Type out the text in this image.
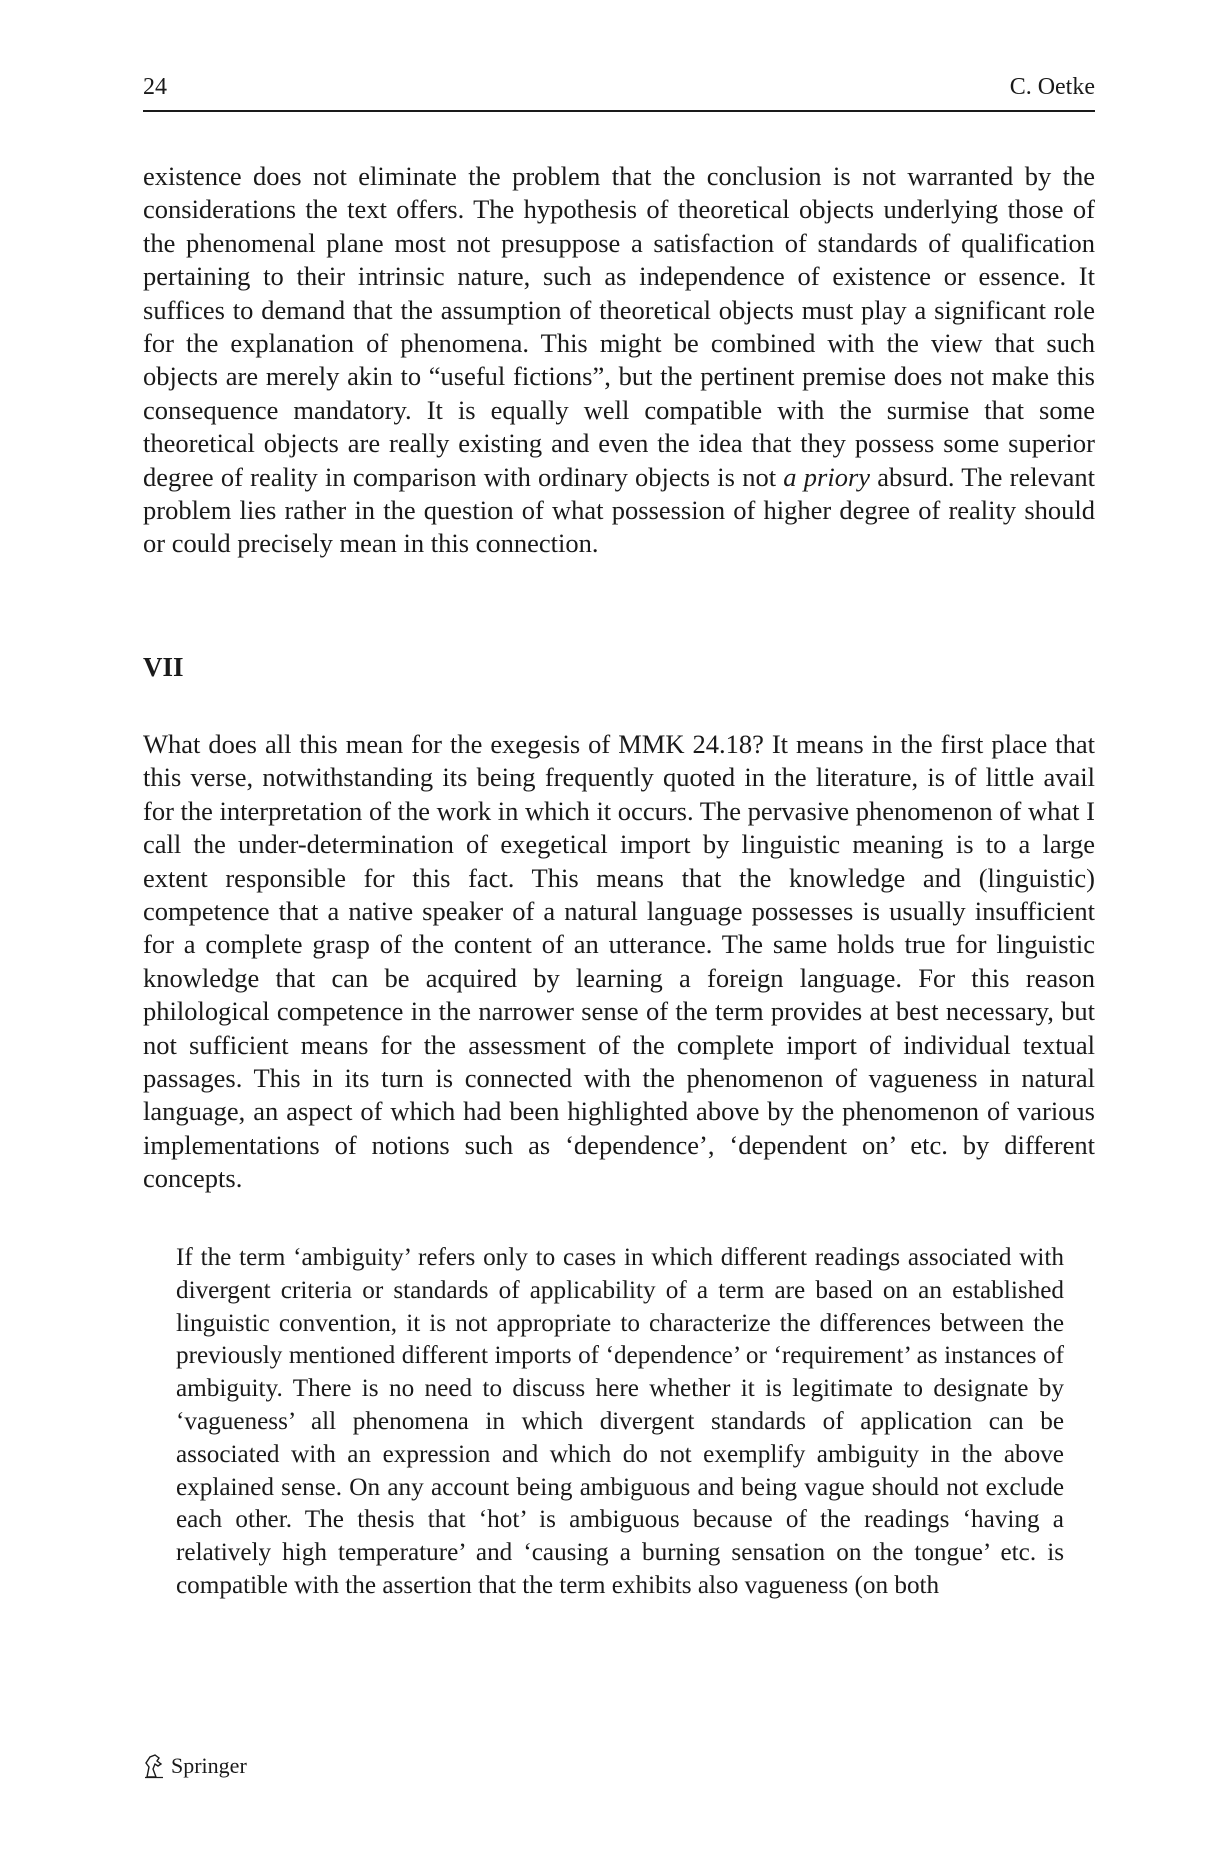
24	C. Oetke

existence does not eliminate the problem that the conclusion is not warranted by the considerations the text offers. The hypothesis of theoretical objects underlying those of the phenomenal plane most not presuppose a satisfaction of standards of qualification pertaining to their intrinsic nature, such as independence of existence or essence. It suffices to demand that the assumption of theoretical objects must play a significant role for the explanation of phenomena. This might be combined with the view that such objects are merely akin to “useful fictions”, but the pertinent premise does not make this consequence mandatory. It is equally well compatible with the surmise that some theoretical objects are really existing and even the idea that they possess some superior degree of reality in comparison with ordinary objects is not a priory absurd. The relevant problem lies rather in the question of what possession of higher degree of reality should or could precisely mean in this connection.

VII

What does all this mean for the exegesis of MMK 24.18? It means in the first place that this verse, notwithstanding its being frequently quoted in the literature, is of little avail for the interpretation of the work in which it occurs. The pervasive phenomenon of what I call the under-determination of exegetical import by linguistic meaning is to a large extent responsible for this fact. This means that the knowledge and (linguistic) competence that a native speaker of a natural language possesses is usually insufficient for a complete grasp of the content of an utterance. The same holds true for linguistic knowledge that can be acquired by learning a foreign language. For this reason philological competence in the narrower sense of the term provides at best necessary, but not sufficient means for the assessment of the complete import of individual textual passages. This in its turn is connected with the phenomenon of vagueness in natural language, an aspect of which had been highlighted above by the phenomenon of various implementations of notions such as ‘dependence’, ‘dependent on’ etc. by different concepts.

If the term ‘ambiguity’ refers only to cases in which different readings associated with divergent criteria or standards of applicability of a term are based on an established linguistic convention, it is not appropriate to characterize the differences between the previously mentioned different imports of ‘dependence’ or ‘requirement’ as instances of ambiguity. There is no need to discuss here whether it is legitimate to designate by ‘vagueness’ all phenomena in which divergent standards of application can be associated with an expression and which do not exemplify ambiguity in the above explained sense. On any account being ambiguous and being vague should not exclude each other. The thesis that ‘hot’ is ambiguous because of the readings ‘having a relatively high temperature’ and ‘causing a burning sensation on the tongue’ etc. is compatible with the assertion that the term exhibits also vagueness (on both

Springer
